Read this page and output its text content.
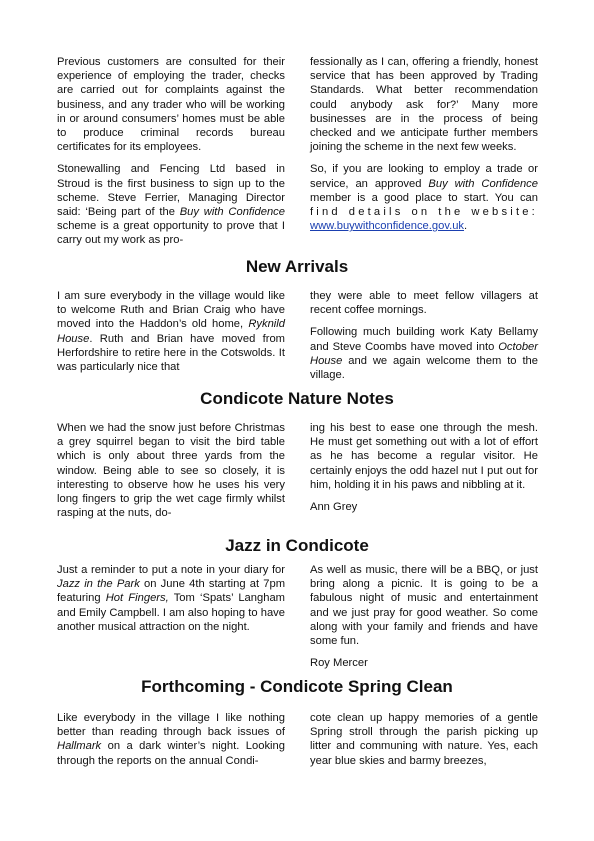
Previous customers are consulted for their experience of employing the trader, checks are carried out for complaints against the business, and any trader who will be working in or around consumers’ homes must be able to produce criminal records bureau certificates for its employees.

Stonewalling and Fencing Ltd based in Stroud is the first business to sign up to the scheme. Steve Ferrier, Managing Director said: ‘Being part of the Buy with Confidence scheme is a great opportunity to prove that I carry out my work as pro-

fessionally as I can, offering a friendly, honest service that has been approved by Trading Standards. What better recommendation could anybody ask for?’ Many more businesses are in the process of being checked and we anticipate further members joining the scheme in the next few weeks.

So, if you are looking to employ a trade or service, an approved Buy with Confidence member is a good place to start. You can find details on the website: www.buywithconfidence.gov.uk.

New Arrivals

I am sure everybody in the village would like to welcome Ruth and Brian Craig who have moved into the Haddon’s old home, Ryknild House. Ruth and Brian have moved from Herfordshire to retire here in the Cotswolds. It was particularly nice that

they were able to meet fellow villagers at recent coffee mornings.

Following much building work Katy Bellamy and Steve Coombs have moved into October House and we again welcome them to the village.

Condicote Nature Notes

When we had the snow just before Christmas a grey squirrel began to visit the bird table which is only about three yards from the window. Being able to see so closely, it is interesting to observe how he uses his very long fingers to grip the wet cage firmly whilst rasping at the nuts, do-

ing his best to ease one through the mesh. He must get something out with a lot of effort as he has become a regular visitor. He certainly enjoys the odd hazel nut I put out for him, holding it in his paws and nibbling at it.

Ann Grey

Jazz in Condicote

Just a reminder to put a note in your diary for Jazz in the Park on June 4th starting at 7pm featuring Hot Fingers, Tom ‘Spats’ Langham and Emily Campbell. I am also hoping to have another musical attraction on the night.

As well as music, there will be a BBQ, or just bring along a picnic. It is going to be a fabulous night of music and entertainment and we just pray for good weather. So come along with your family and friends and have some fun.

Roy Mercer

Forthcoming - Condicote Spring Clean

Like everybody in the village I like nothing better than reading through back issues of Hallmark on a dark winter’s night. Looking through the reports on the annual Condi-

cote clean up happy memories of a gentle Spring stroll through the parish picking up litter and communing with nature. Yes, each year blue skies and barmy breezes,
